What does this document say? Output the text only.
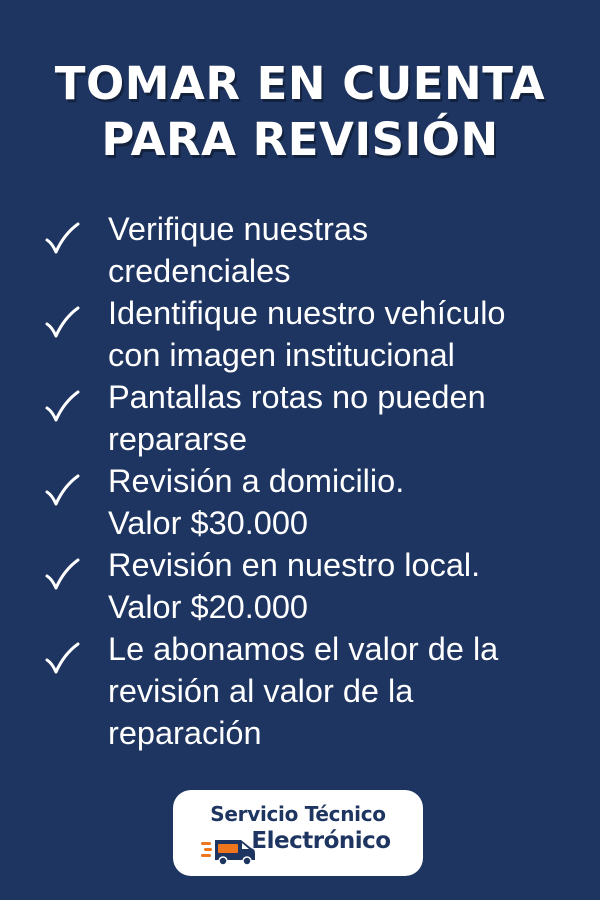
TOMAR EN CUENTA
PARA REVISIÓN
Verifique nuestras
credenciales
Identifique nuestro vehículo
con imagen institucional
Pantallas rotas no pueden
repararse
Revisión a domicilio.
Valor $30.000
Revisión en nuestro local.
Valor $20.000
Le abonamos el valor de la
revisión al valor de la
reparación
Servicio Técnico
Electrónico
